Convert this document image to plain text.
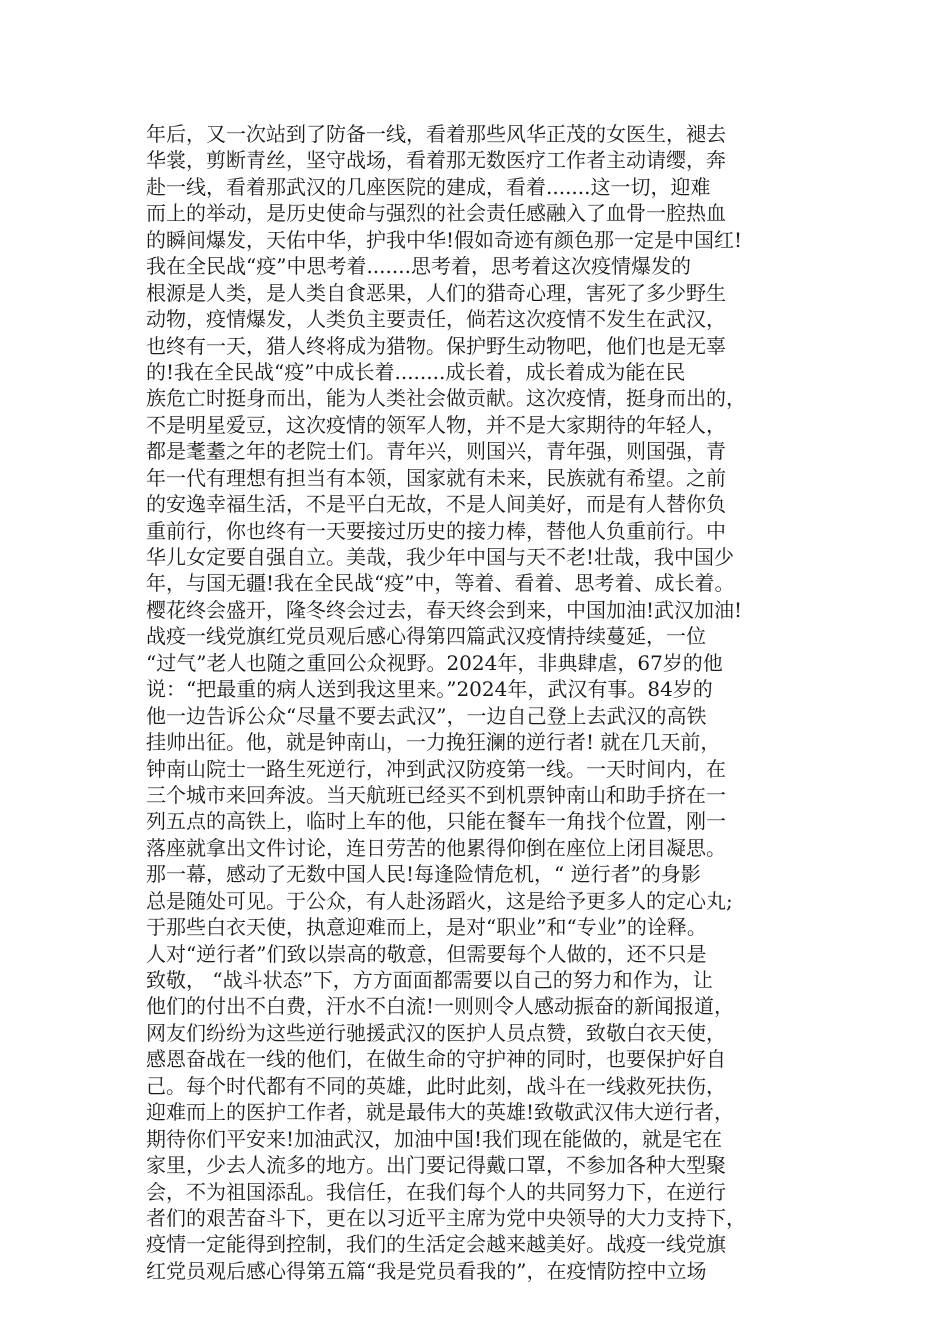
年后，又一次站到了防备一线，看着那些风华正茂的女医生，褪去
华裳，剪断青丝，坚守战场，看着那无数医疗工作者主动请缨，奔
赴一线，看着那武汉的几座医院的建成，看着.......这一切，迎难
而上的举动，是历史使命与强烈的社会责任感融入了血骨一腔热血
的瞬间爆发，天佑中华，护我中华!假如奇迹有颜色那一定是中国红!
我在全民战“疫”中思考着.......思考着，思考着这次疫情爆发的
根源是人类，是人类自食恶果，人们的猎奇心理，害死了多少野生
动物，疫情爆发，人类负主要责任，倘若这次疫情不发生在武汉，
也终有一天，猎人终将成为猎物。保护野生动物吧，他们也是无辜
的!我在全民战“疫”中成长着........成长着，成长着成为能在民
族危亡时挺身而出，能为人类社会做贡献。这次疫情，挺身而出的，
不是明星爱豆，这次疫情的领军人物，并不是大家期待的年轻人，
都是耄耋之年的老院士们。青年兴，则国兴，青年强，则国强，青
年一代有理想有担当有本领，国家就有未来，民族就有希望。之前
的安逸幸福生活，不是平白无故，不是人间美好，而是有人替你负
重前行，你也终有一天要接过历史的接力棒，替他人负重前行。中
华儿女定要自强自立。美哉，我少年中国与天不老!壮哉，我中国少
年，与国无疆!我在全民战“疫”中，等着、看着、思考着、成长着。
樱花终会盛开，隆冬终会过去，春天终会到来，中国加油!武汉加油!
战疫一线党旗红党员观后感心得第四篇武汉疫情持续蔓延，一位
“过气”老人也随之重回公众视野。2024年，非典肆虐，67岁的他
说：“把最重的病人送到我这里来。”2024年，武汉有事。84岁的
他一边告诉公众“尽量不要去武汉”，一边自己登上去武汉的高铁
挂帅出征。他，就是钟南山，一力挽狂澜的逆行者! 就在几天前，
钟南山院士一路生死逆行，冲到武汉防疫第一线。一天时间内，在
三个城市来回奔波。当天航班已经买不到机票钟南山和助手挤在一
列五点的高铁上，临时上车的他，只能在餐车一角找个位置，刚一
落座就拿出文件讨论，连日劳苦的他累得仰倒在座位上闭目凝思。
那一幕，感动了无数中国人民!每逢险情危机，“ 逆行者”的身影
总是随处可见。于公众，有人赴汤蹈火，这是给予更多人的定心丸;
于那些白衣天使，执意迎难而上，是对“职业”和“专业”的诠释。
人对“逆行者”们致以崇高的敬意，但需要每个人做的，还不只是
致敬， “战斗状态”下，方方面面都需要以自己的努力和作为，让
他们的付出不白费，汗水不白流!一则则令人感动振奋的新闻报道，
网友们纷纷为这些逆行驰援武汉的医护人员点赞，致敬白衣天使，
感恩奋战在一线的他们，在做生命的守护神的同时，也要保护好自
己。每个时代都有不同的英雄，此时此刻，战斗在一线救死扶伤，
迎难而上的医护工作者，就是最伟大的英雄!致敬武汉伟大逆行者，
期待你们平安来!加油武汉，加油中国!我们现在能做的，就是宅在
家里，少去人流多的地方。出门要记得戴口罩，不参加各种大型聚
会，不为祖国添乱。我信任，在我们每个人的共同努力下，在逆行
者们的艰苦奋斗下，更在以习近平主席为党中央领导的大力支持下，
疫情一定能得到控制，我们的生活定会越来越美好。战疫一线党旗
红党员观后感心得第五篇“我是党员看我的”，在疫情防控中立场
